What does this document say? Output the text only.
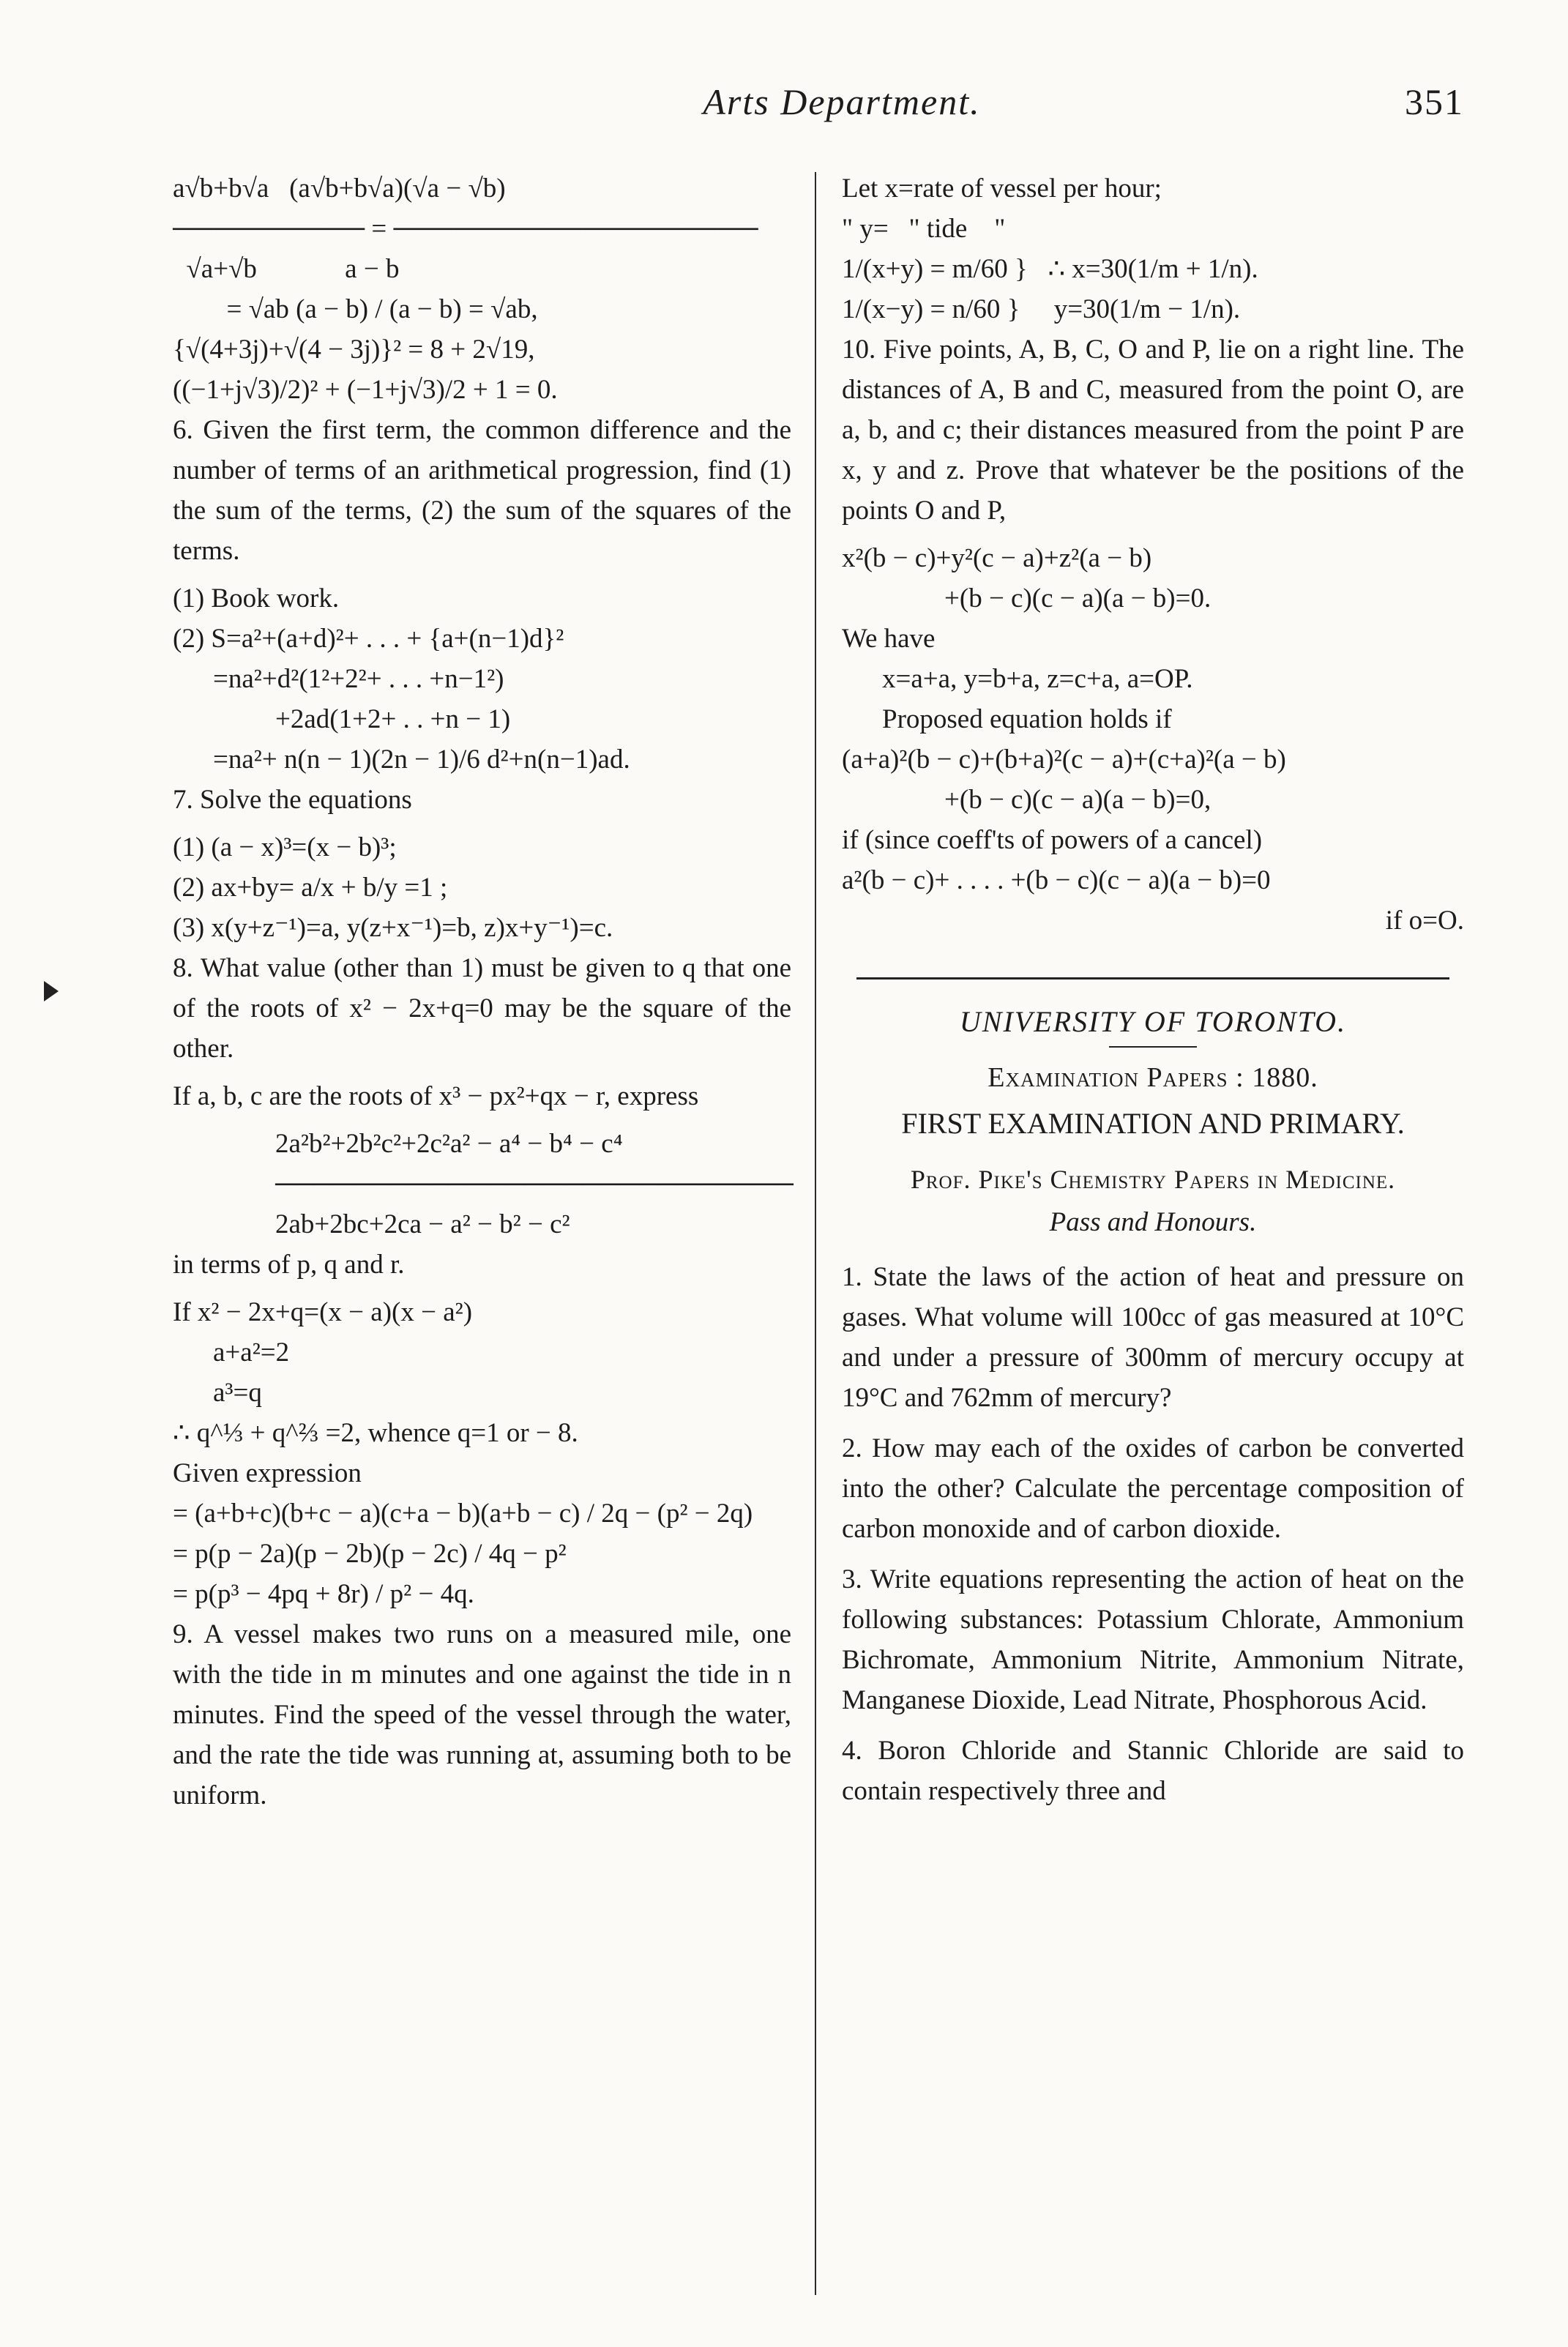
Arts Department.	351
a√b+b√a   (a√b+b√a)(√a − √b)
────────── = ───────────────────
√a+√b             a − b
= √ab (a − b) / (a − b) = √ab,
{√(4+3j)+√(4 − 3j)}² = 8 + 2√19,
((−1+j√3)/2)² + (−1+j√3)/2 + 1 = 0.
6. Given the first term, the common difference and the number of terms of an arithmetical progression, find (1) the sum of the terms, (2) the sum of the squares of the terms.
(1) Book work.
(2) S=a²+(a+d)²+ . . . + {a+(n−1)d}²
=na²+d²(1²+2²+ . . . +n−1²)
+2ad(1+2+ . . +n − 1)
=na²+ n(n − 1)(2n − 1)/6 d²+n(n−1)ad.
7. Solve the equations
(1) (a − x)³=(x − b)³;
(2) ax+by= a/x + b/y =1 ;
(3) x(y+z⁻¹)=a, y(z+x⁻¹)=b, z)x+y⁻¹)=c.
8. What value (other than 1) must be given to q that one of the roots of x² − 2x+q=0 may be the square of the other.
If a, b, c are the roots of x³ − px²+qx − r, express
2a²b²+2b²c²+2c²a² − a⁴ − b⁴ − c⁴
───────────────────────────
2ab+2bc+2ca − a² − b² − c²
in terms of p, q and r.
If x² − 2x+q=(x − a)(x − a²)
a+a²=2
a³=q
∴ q^⅓ + q^⅔ =2, whence q=1 or − 8.
Given expression
= (a+b+c)(b+c − a)(c+a − b)(a+b − c) / 2q − (p² − 2q)
= p(p − 2a)(p − 2b)(p − 2c) / 4q − p²
= p(p³ − 4pq + 8r) / p² − 4q.
9. A vessel makes two runs on a measured mile, one with the tide in m minutes and one against the tide in n minutes. Find the speed of the vessel through the water, and the rate the tide was running at, assuming both to be uniform.
Let x=rate of vessel per hour;
" y=   " tide    "
1/(x+y) = m/60 }   ∴ x=30(1/m + 1/n).
1/(x−y) = n/60 }     y=30(1/m − 1/n).
10. Five points, A, B, C, O and P, lie on a right line. The distances of A, B and C, measured from the point O, are a, b, and c; their distances measured from the point P are x, y and z. Prove that whatever be the positions of the points O and P,
x²(b − c)+y²(c − a)+z²(a − b)
+(b − c)(c − a)(a − b)=0.
We have
x=a+a, y=b+a, z=c+a, a=OP.
Proposed equation holds if
(a+a)²(b − c)+(b+a)²(c − a)+(c+a)²(a − b)
+(b − c)(c − a)(a − b)=0,
if (since coeff'ts of powers of a cancel)
a²(b − c)+ . . . . +(b − c)(c − a)(a − b)=0
if o=O.
UNIVERSITY OF TORONTO.
Examination Papers : 1880.
FIRST EXAMINATION AND PRIMARY.
Prof. Pike's Chemistry Papers in Medicine.
Pass and Honours.
1. State the laws of the action of heat and pressure on gases. What volume will 100cc of gas measured at 10°C and under a pressure of 300mm of mercury occupy at 19°C and 762mm of mercury?
2. How may each of the oxides of carbon be converted into the other? Calculate the percentage composition of carbon monoxide and of carbon dioxide.
3. Write equations representing the action of heat on the following substances: Potassium Chlorate, Ammonium Bichromate, Ammonium Nitrite, Ammonium Nitrate, Manganese Dioxide, Lead Nitrate, Phosphorous Acid.
4. Boron Chloride and Stannic Chloride are said to contain respectively three and
